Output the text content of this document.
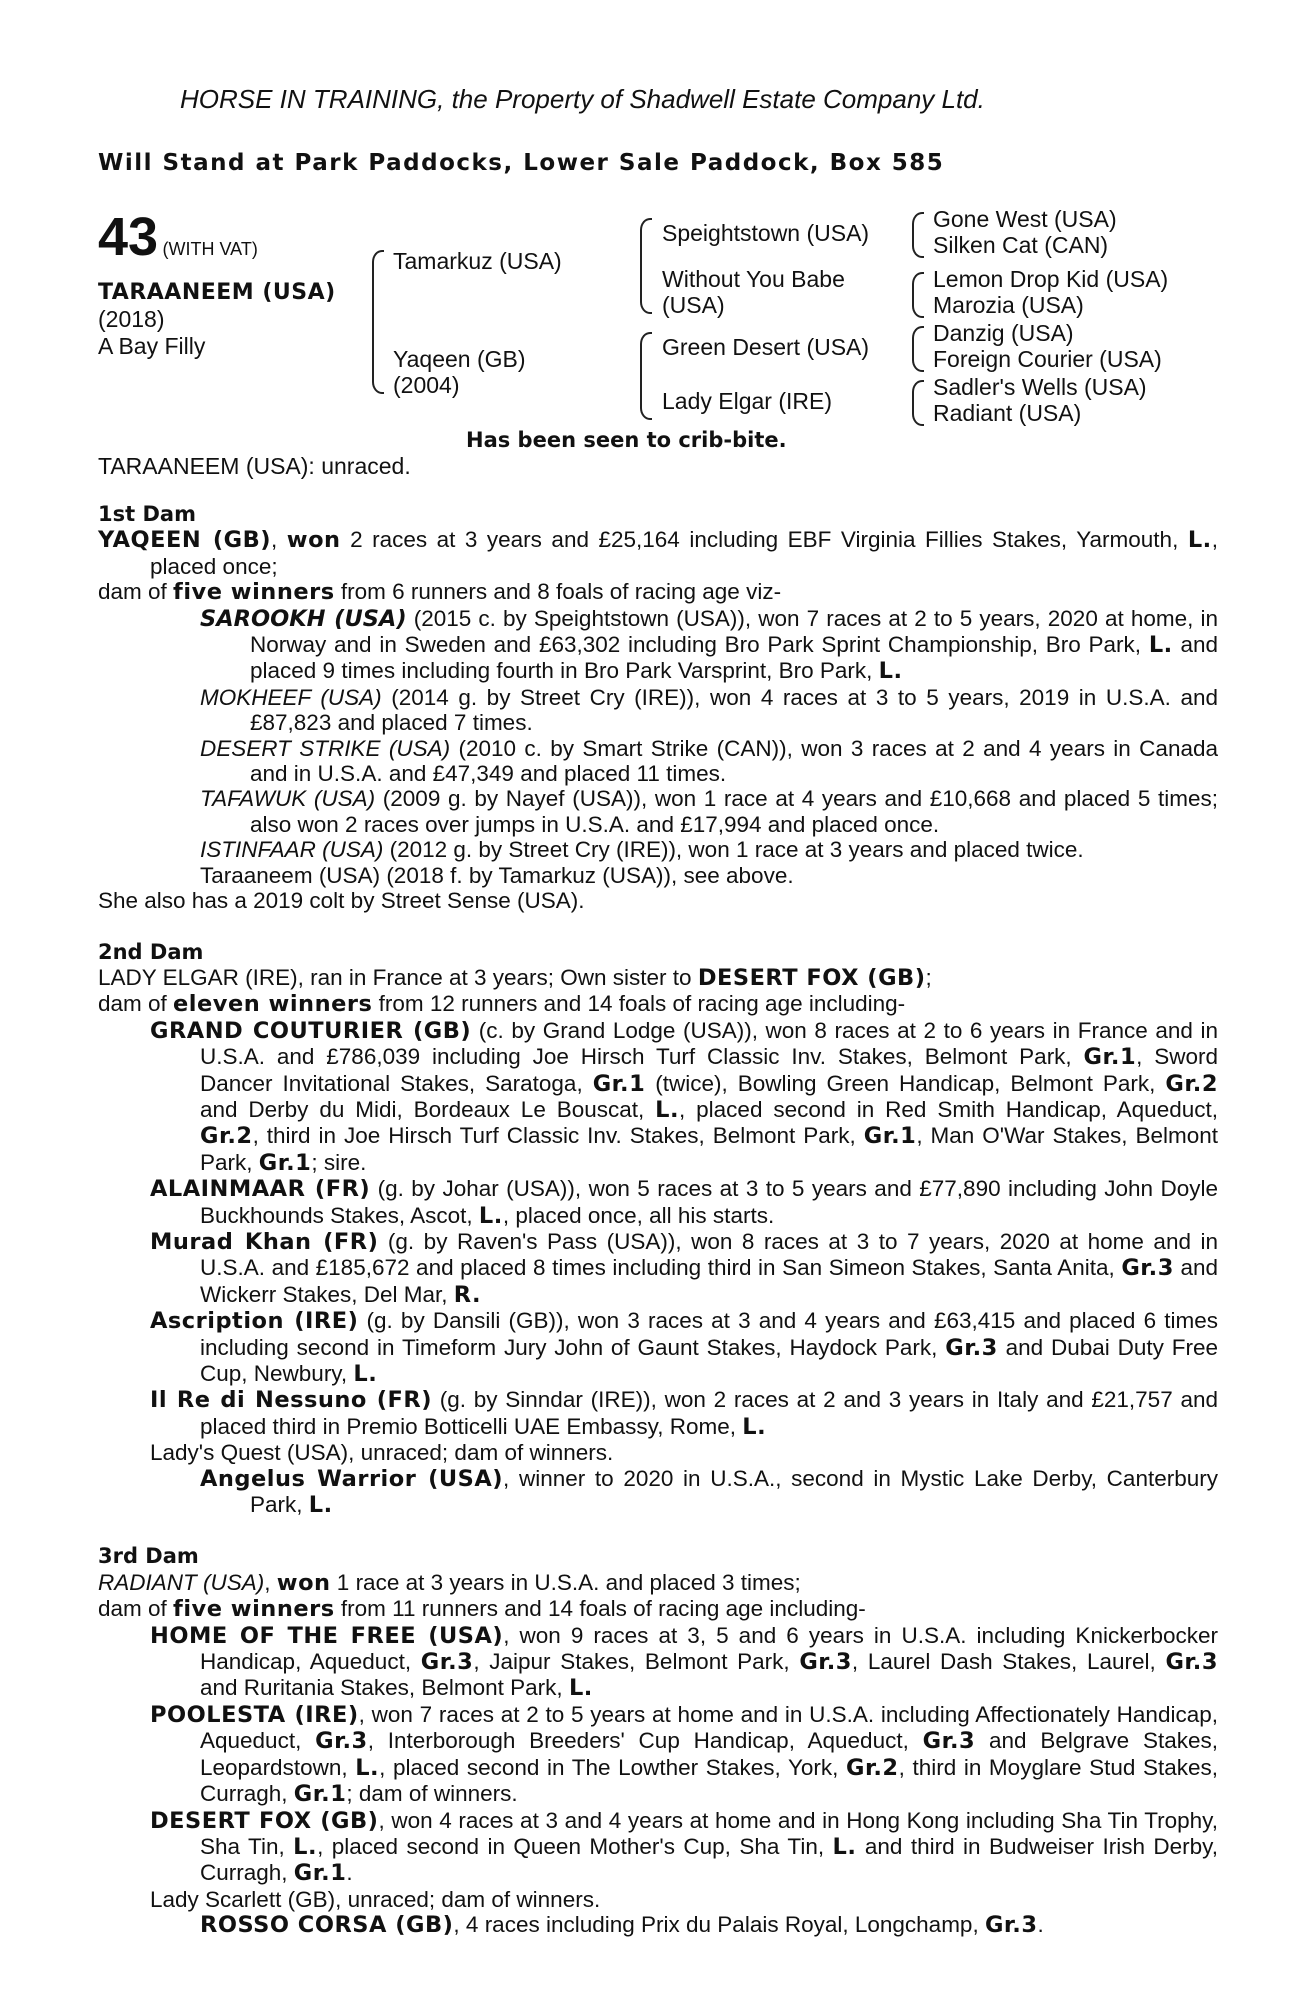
HORSE IN TRAINING, the Property of Shadwell Estate Company Ltd.
Will Stand at Park Paddocks, Lower Sale Paddock, Box 585
43 (WITH VAT)
TARAANEEM (USA)
(2018)
A Bay Filly
Tamarkuz (USA)
Yaqeen (GB)
(2004)
Speightstown (USA)
Without You Babe
(USA)
Green Desert (USA)
Lady Elgar (IRE)
Gone West (USA)
Silken Cat (CAN)
Lemon Drop Kid (USA)
Marozia (USA)
Danzig (USA)
Foreign Courier (USA)
Sadler's Wells (USA)
Radiant (USA)
Has been seen to crib-bite.
TARAANEEM (USA): unraced.
1st Dam

YAQEEN (GB), won 2 races at 3 years and £25,164 including EBF Virginia Fillies Stakes, Yarmouth, L., placed once;

dam of five winners from 6 runners and 8 foals of racing age viz-

SAROOKH (USA) (2015 c. by Speightstown (USA)), won 7 races at 2 to 5 years, 2020 at home, in Norway and in Sweden and £63,302 including Bro Park Sprint Championship, Bro Park, L. and placed 9 times including fourth in Bro Park Varsprint, Bro Park, L.

MOKHEEF (USA) (2014 g. by Street Cry (IRE)), won 4 races at 3 to 5 years, 2019 in U.S.A. and £87,823 and placed 7 times.

DESERT STRIKE (USA) (2010 c. by Smart Strike (CAN)), won 3 races at 2 and 4 years in Canada and in U.S.A. and £47,349 and placed 11 times.

TAFAWUK (USA) (2009 g. by Nayef (USA)), won 1 race at 4 years and £10,668 and placed 5 times; also won 2 races over jumps in U.S.A. and £17,994 and placed once.

ISTINFAAR (USA) (2012 g. by Street Cry (IRE)), won 1 race at 3 years and placed twice.

Taraaneem (USA) (2018 f. by Tamarkuz (USA)), see above.

She also has a 2019 colt by Street Sense (USA).

2nd Dam

LADY ELGAR (IRE), ran in France at 3 years; Own sister to DESERT FOX (GB);

dam of eleven winners from 12 runners and 14 foals of racing age including-

GRAND COUTURIER (GB) (c. by Grand Lodge (USA)), won 8 races at 2 to 6 years in France and in U.S.A. and £786,039 including Joe Hirsch Turf Classic Inv. Stakes, Belmont Park, Gr.1, Sword Dancer Invitational Stakes, Saratoga, Gr.1 (twice), Bowling Green Handicap, Belmont Park, Gr.2 and Derby du Midi, Bordeaux Le Bouscat, L., placed second in Red Smith Handicap, Aqueduct, Gr.2, third in Joe Hirsch Turf Classic Inv. Stakes, Belmont Park, Gr.1, Man O'War Stakes, Belmont Park, Gr.1; sire.

ALAINMAAR (FR) (g. by Johar (USA)), won 5 races at 3 to 5 years and £77,890 including John Doyle Buckhounds Stakes, Ascot, L., placed once, all his starts.

Murad Khan (FR) (g. by Raven's Pass (USA)), won 8 races at 3 to 7 years, 2020 at home and in U.S.A. and £185,672 and placed 8 times including third in San Simeon Stakes, Santa Anita, Gr.3 and Wickerr Stakes, Del Mar, R.

Ascription (IRE) (g. by Dansili (GB)), won 3 races at 3 and 4 years and £63,415 and placed 6 times including second in Timeform Jury John of Gaunt Stakes, Haydock Park, Gr.3 and Dubai Duty Free Cup, Newbury, L.

Il Re di Nessuno (FR) (g. by Sinndar (IRE)), won 2 races at 2 and 3 years in Italy and £21,757 and placed third in Premio Botticelli UAE Embassy, Rome, L.

Lady's Quest (USA), unraced; dam of winners.

Angelus Warrior (USA), winner to 2020 in U.S.A., second in Mystic Lake Derby, Canterbury Park, L.

3rd Dam

RADIANT (USA), won 1 race at 3 years in U.S.A. and placed 3 times;

dam of five winners from 11 runners and 14 foals of racing age including-

HOME OF THE FREE (USA), won 9 races at 3, 5 and 6 years in U.S.A. including Knickerbocker Handicap, Aqueduct, Gr.3, Jaipur Stakes, Belmont Park, Gr.3, Laurel Dash Stakes, Laurel, Gr.3 and Ruritania Stakes, Belmont Park, L.

POOLESTA (IRE), won 7 races at 2 to 5 years at home and in U.S.A. including Affectionately Handicap, Aqueduct, Gr.3, Interborough Breeders' Cup Handicap, Aqueduct, Gr.3 and Belgrave Stakes, Leopardstown, L., placed second in The Lowther Stakes, York, Gr.2, third in Moyglare Stud Stakes, Curragh, Gr.1; dam of winners.

DESERT FOX (GB), won 4 races at 3 and 4 years at home and in Hong Kong including Sha Tin Trophy, Sha Tin, L., placed second in Queen Mother's Cup, Sha Tin, L. and third in Budweiser Irish Derby, Curragh, Gr.1.

Lady Scarlett (GB), unraced; dam of winners.

ROSSO CORSA (GB), 4 races including Prix du Palais Royal, Longchamp, Gr.3.
